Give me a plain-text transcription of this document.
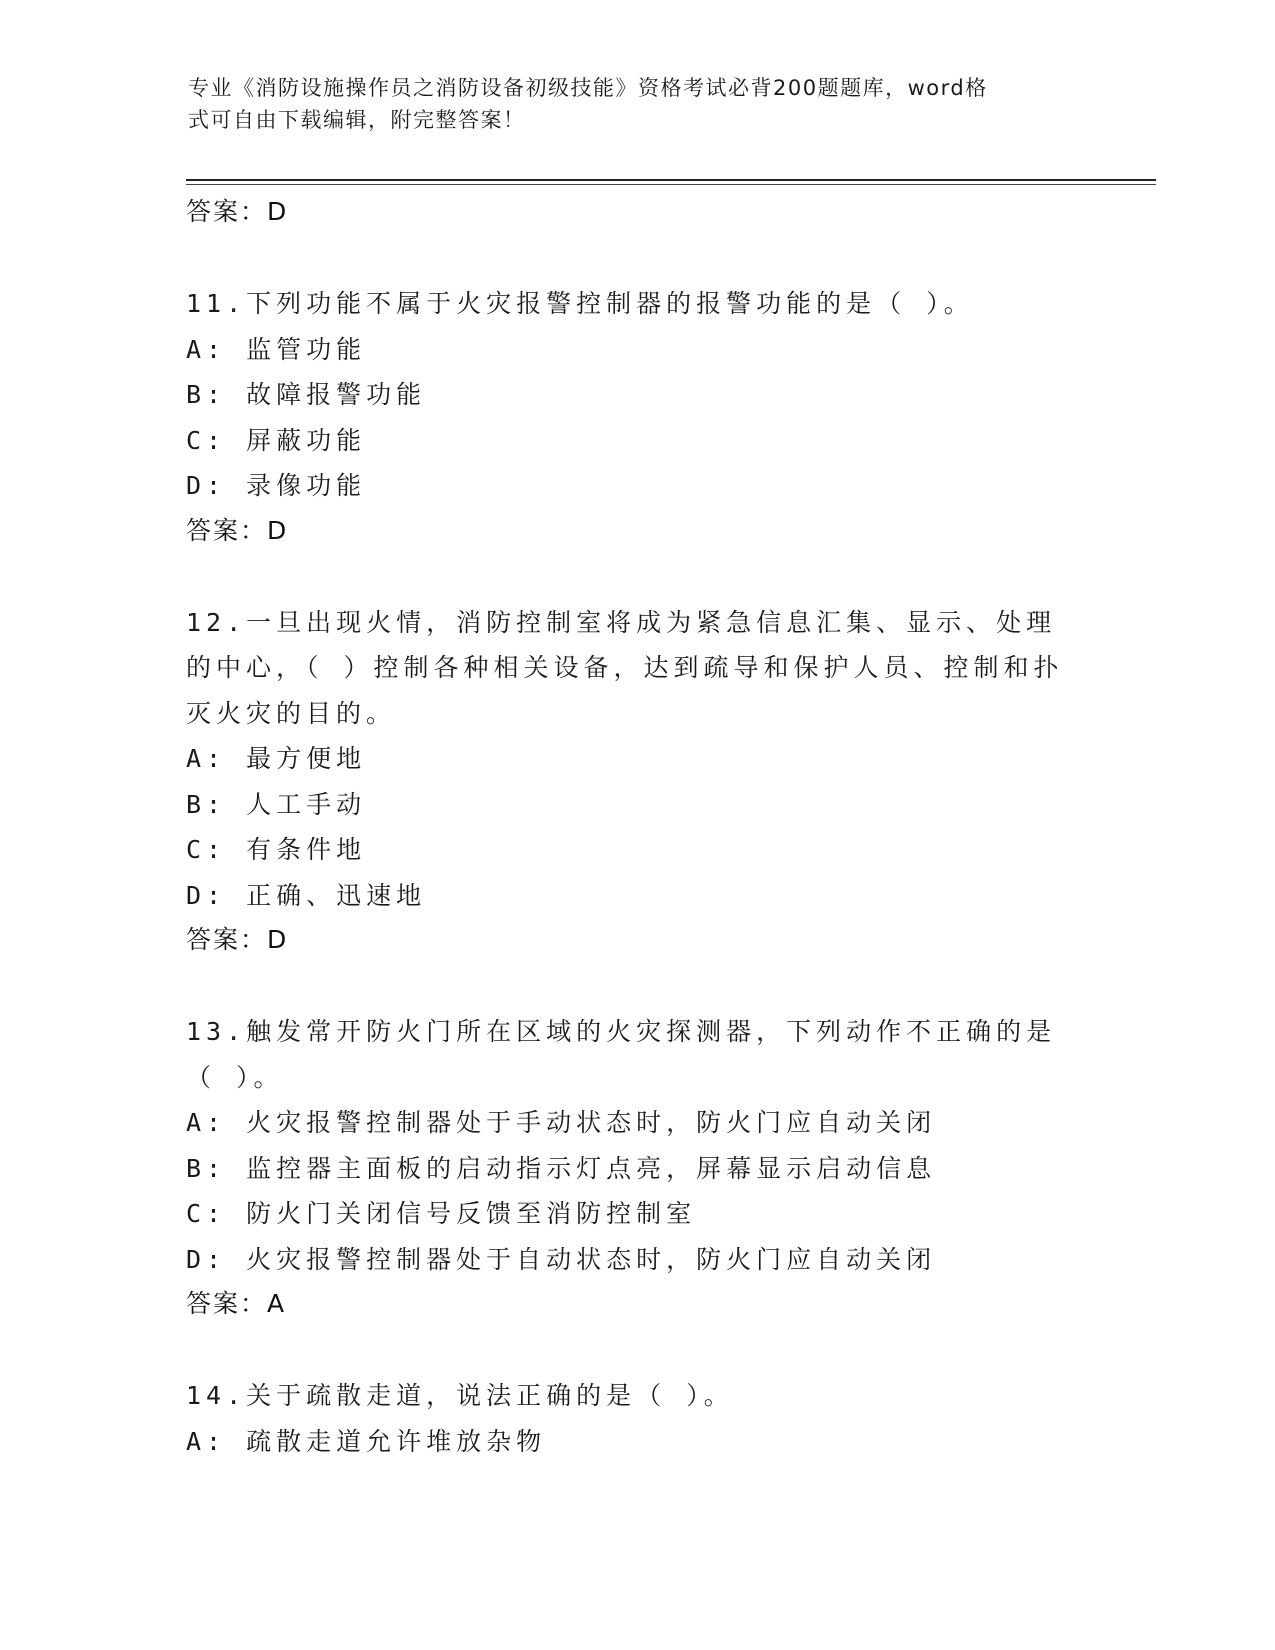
专业《消防设施操作员之消防设备初级技能》资格考试必背200题题库，word格
式可自由下载编辑，附完整答案！
答案：D
11.下列功能不属于火灾报警控制器的报警功能的是（ ）。
A: 监管功能
B: 故障报警功能
C: 屏蔽功能
D: 录像功能
答案：D
12.一旦出现火情，消防控制室将成为紧急信息汇集、显示、处理的中心，（ ）控制各种相关设备，达到疏导和保护人员、控制和扑灭火灾的目的。
A: 最方便地
B: 人工手动
C: 有条件地
D: 正确、迅速地
答案：D
13.触发常开防火门所在区域的火灾探测器，下列动作不正确的是（ ）。
A: 火灾报警控制器处于手动状态时，防火门应自动关闭
B: 监控器主面板的启动指示灯点亮，屏幕显示启动信息
C: 防火门关闭信号反馈至消防控制室
D: 火灾报警控制器处于自动状态时，防火门应自动关闭
答案：A
14.关于疏散走道，说法正确的是（ ）。
A: 疏散走道允许堆放杂物
